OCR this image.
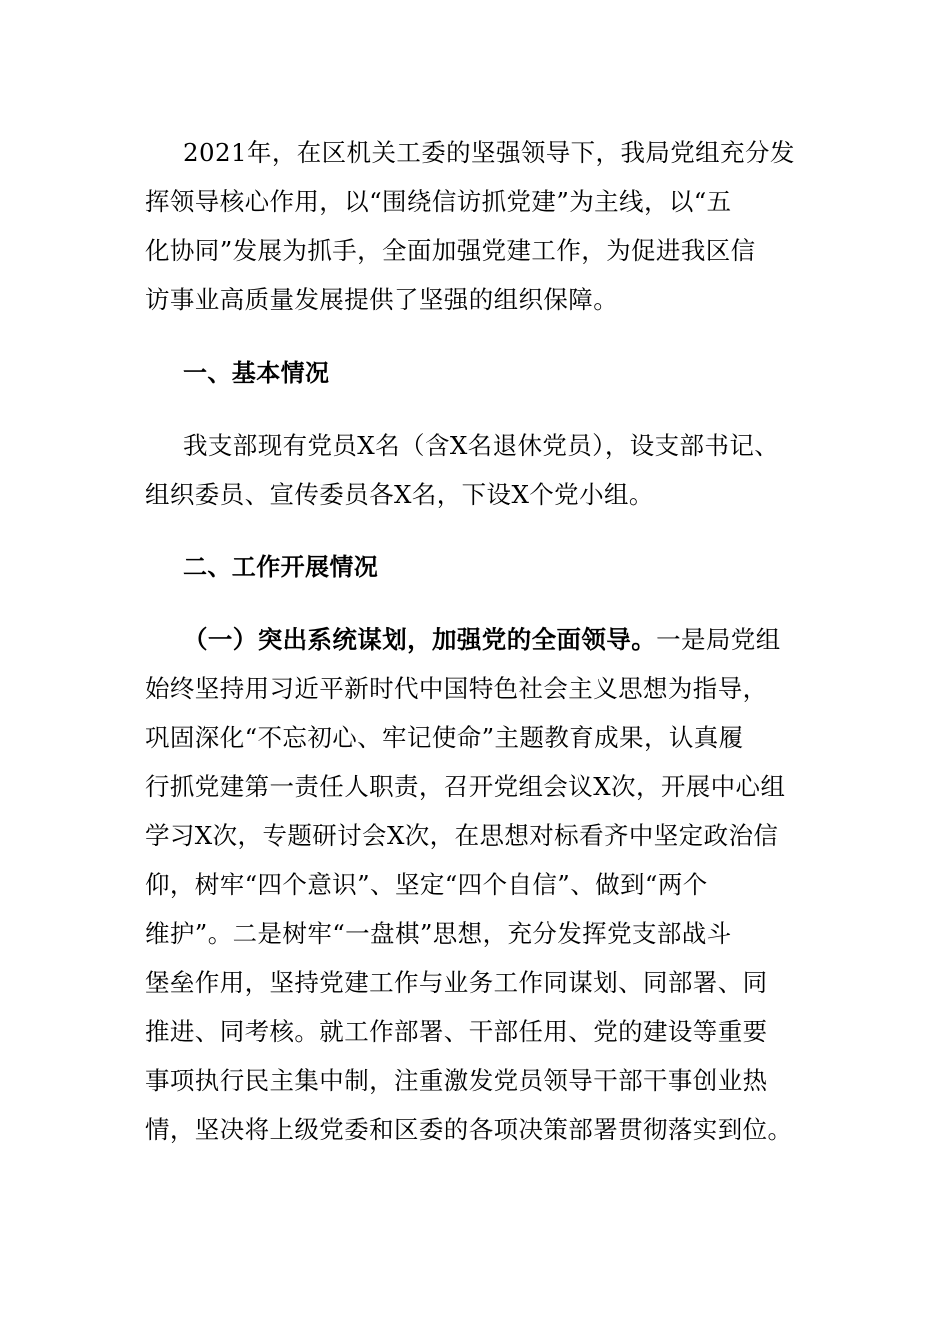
2021年，在区机关工委的坚强领导下，我局党组充分发
挥领导核心作用，以“围绕信访抓党建”为主线，以“五
化协同”发展为抓手，全面加强党建工作，为促进我区信
访事业高质量发展提供了坚强的组织保障。
一、基本情况
我支部现有党员X名（含X名退休党员），设支部书记、
组织委员、宣传委员各X名，下设X个党小组。
二、工作开展情况
（一）突出系统谋划，加强党的全面领导。一是局党组
始终坚持用习近平新时代中国特色社会主义思想为指导，
巩固深化“不忘初心、牢记使命”主题教育成果，认真履
行抓党建第一责任人职责，召开党组会议X次，开展中心组
学习X次，专题研讨会X次，在思想对标看齐中坚定政治信
仰，树牢“四个意识”、坚定“四个自信”、做到“两个
维护”。二是树牢“一盘棋”思想，充分发挥党支部战斗
堡垒作用，坚持党建工作与业务工作同谋划、同部署、同
推进、同考核。就工作部署、干部任用、党的建设等重要
事项执行民主集中制，注重激发党员领导干部干事创业热
情，坚决将上级党委和区委的各项决策部署贯彻落实到位。
